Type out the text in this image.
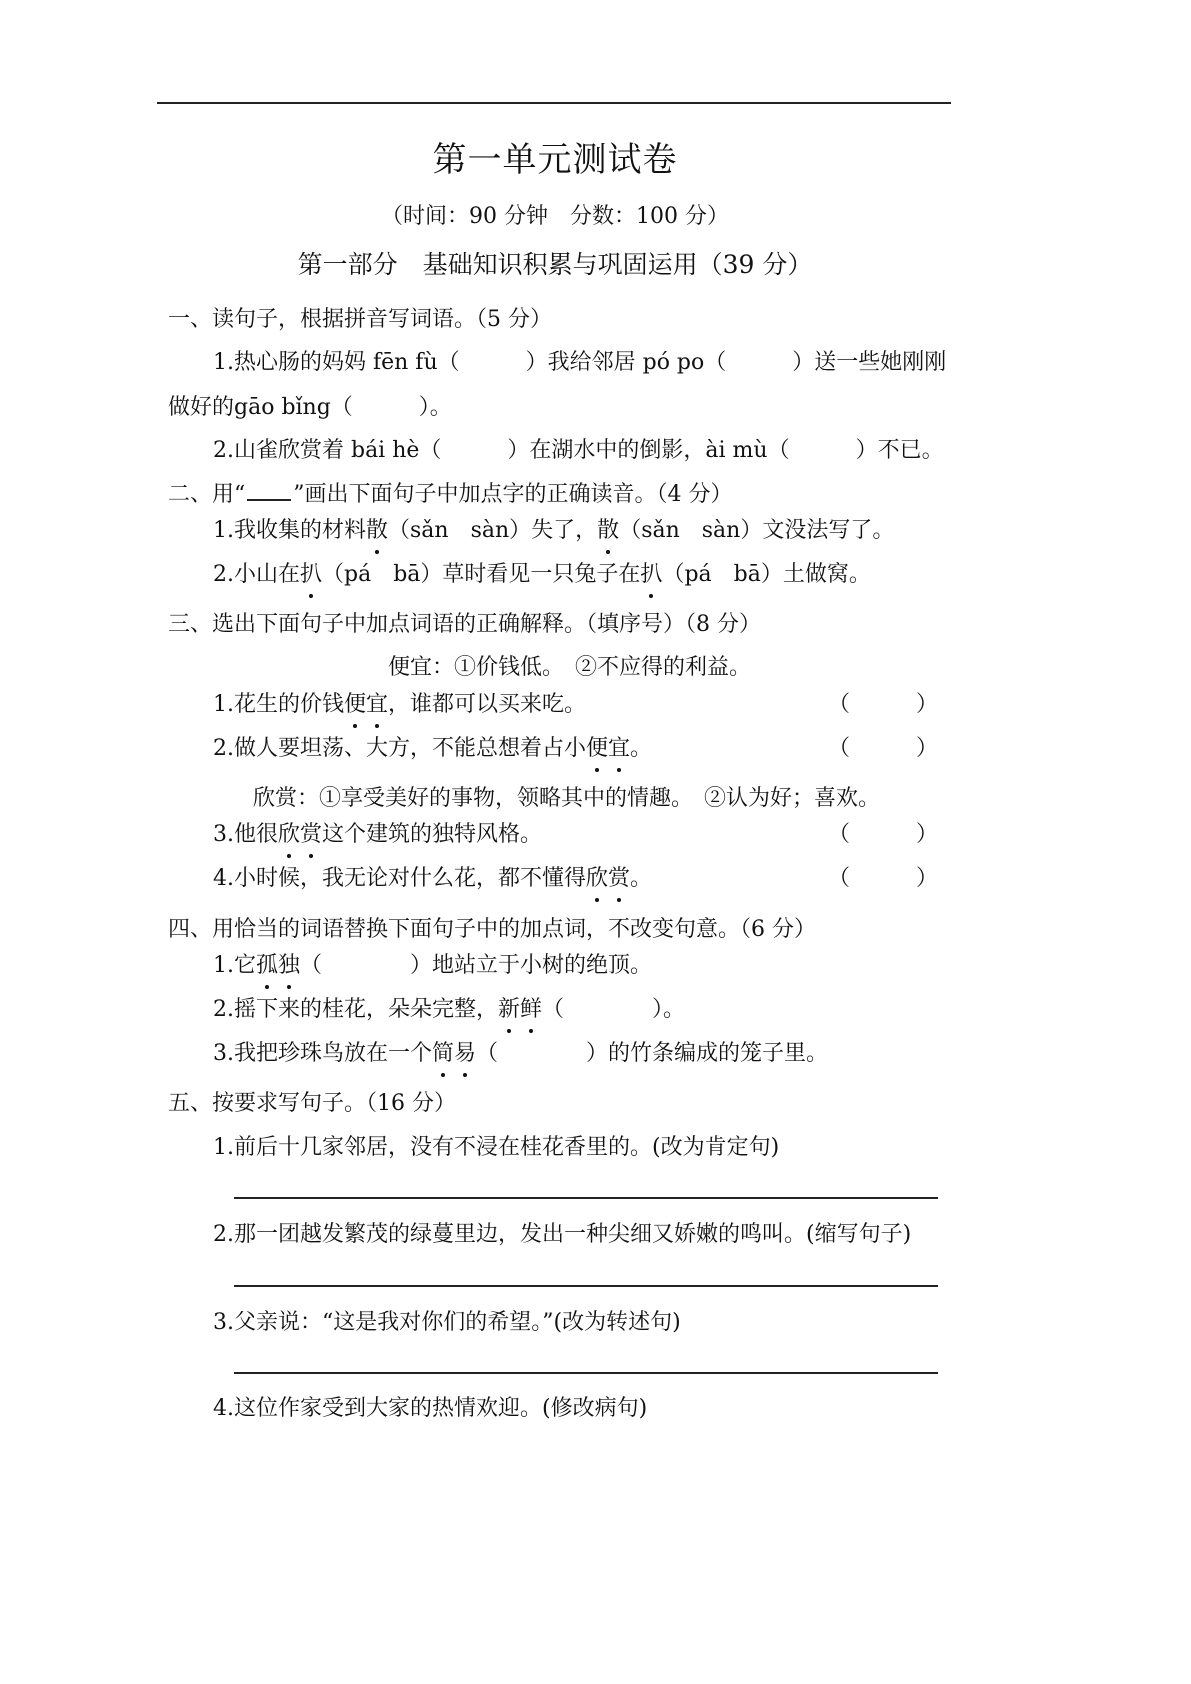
第一单元测试卷
（时间：90 分钟　分数：100 分）
第一部分　基础知识积累与巩固运用（39 分）
一、读句子，根据拼音写词语。（5 分）
1.热心肠的妈妈 fēn fù（　　　）我给邻居 pó po（　　　）送一些她刚刚
做好的gāo bǐng（　　　）。
2.山雀欣赏着 bái hè（　　　）在湖水中的倒影，ài mù（　　　）不已。
二、用“ ”画出下面句子中加点字的正确读音。（4 分）
1.我收集的材料散（sǎn　sàn）失了，散（sǎn　sàn）文没法写了。
2.小山在扒（pá　bā）草时看见一只兔子在扒（pá　bā）土做窝。
三、选出下面句子中加点词语的正确解释。（填序号）（8 分）
便宜：①价钱低。　②不应得的利益。
1.花生的价钱便宜，谁都可以买来吃。	（　　　）
2.做人要坦荡、大方，不能总想着占小便宜。	（　　　）
欣赏：①享受美好的事物，领略其中的情趣。　②认为好；喜欢。
3.他很欣赏这个建筑的独特风格。	（　　　）
4.小时候，我无论对什么花，都不懂得欣赏。	（　　　）
四、用恰当的词语替换下面句子中的加点词，不改变句意。（6 分）
1.它孤独（　　　　）地站立于小树的绝顶。
2.摇下来的桂花，朵朵完整，新鲜（　　　　）。
3.我把珍珠鸟放在一个简易（　　　　）的竹条编成的笼子里。
五、按要求写句子。（16 分）
1.前后十几家邻居，没有不浸在桂花香里的。(改为肯定句)
2.那一团越发繁茂的绿蔓里边，发出一种尖细又娇嫩的鸣叫。(缩写句子)
3.父亲说：“这是我对你们的希望。”(改为转述句)
4.这位作家受到大家的热情欢迎。(修改病句)
